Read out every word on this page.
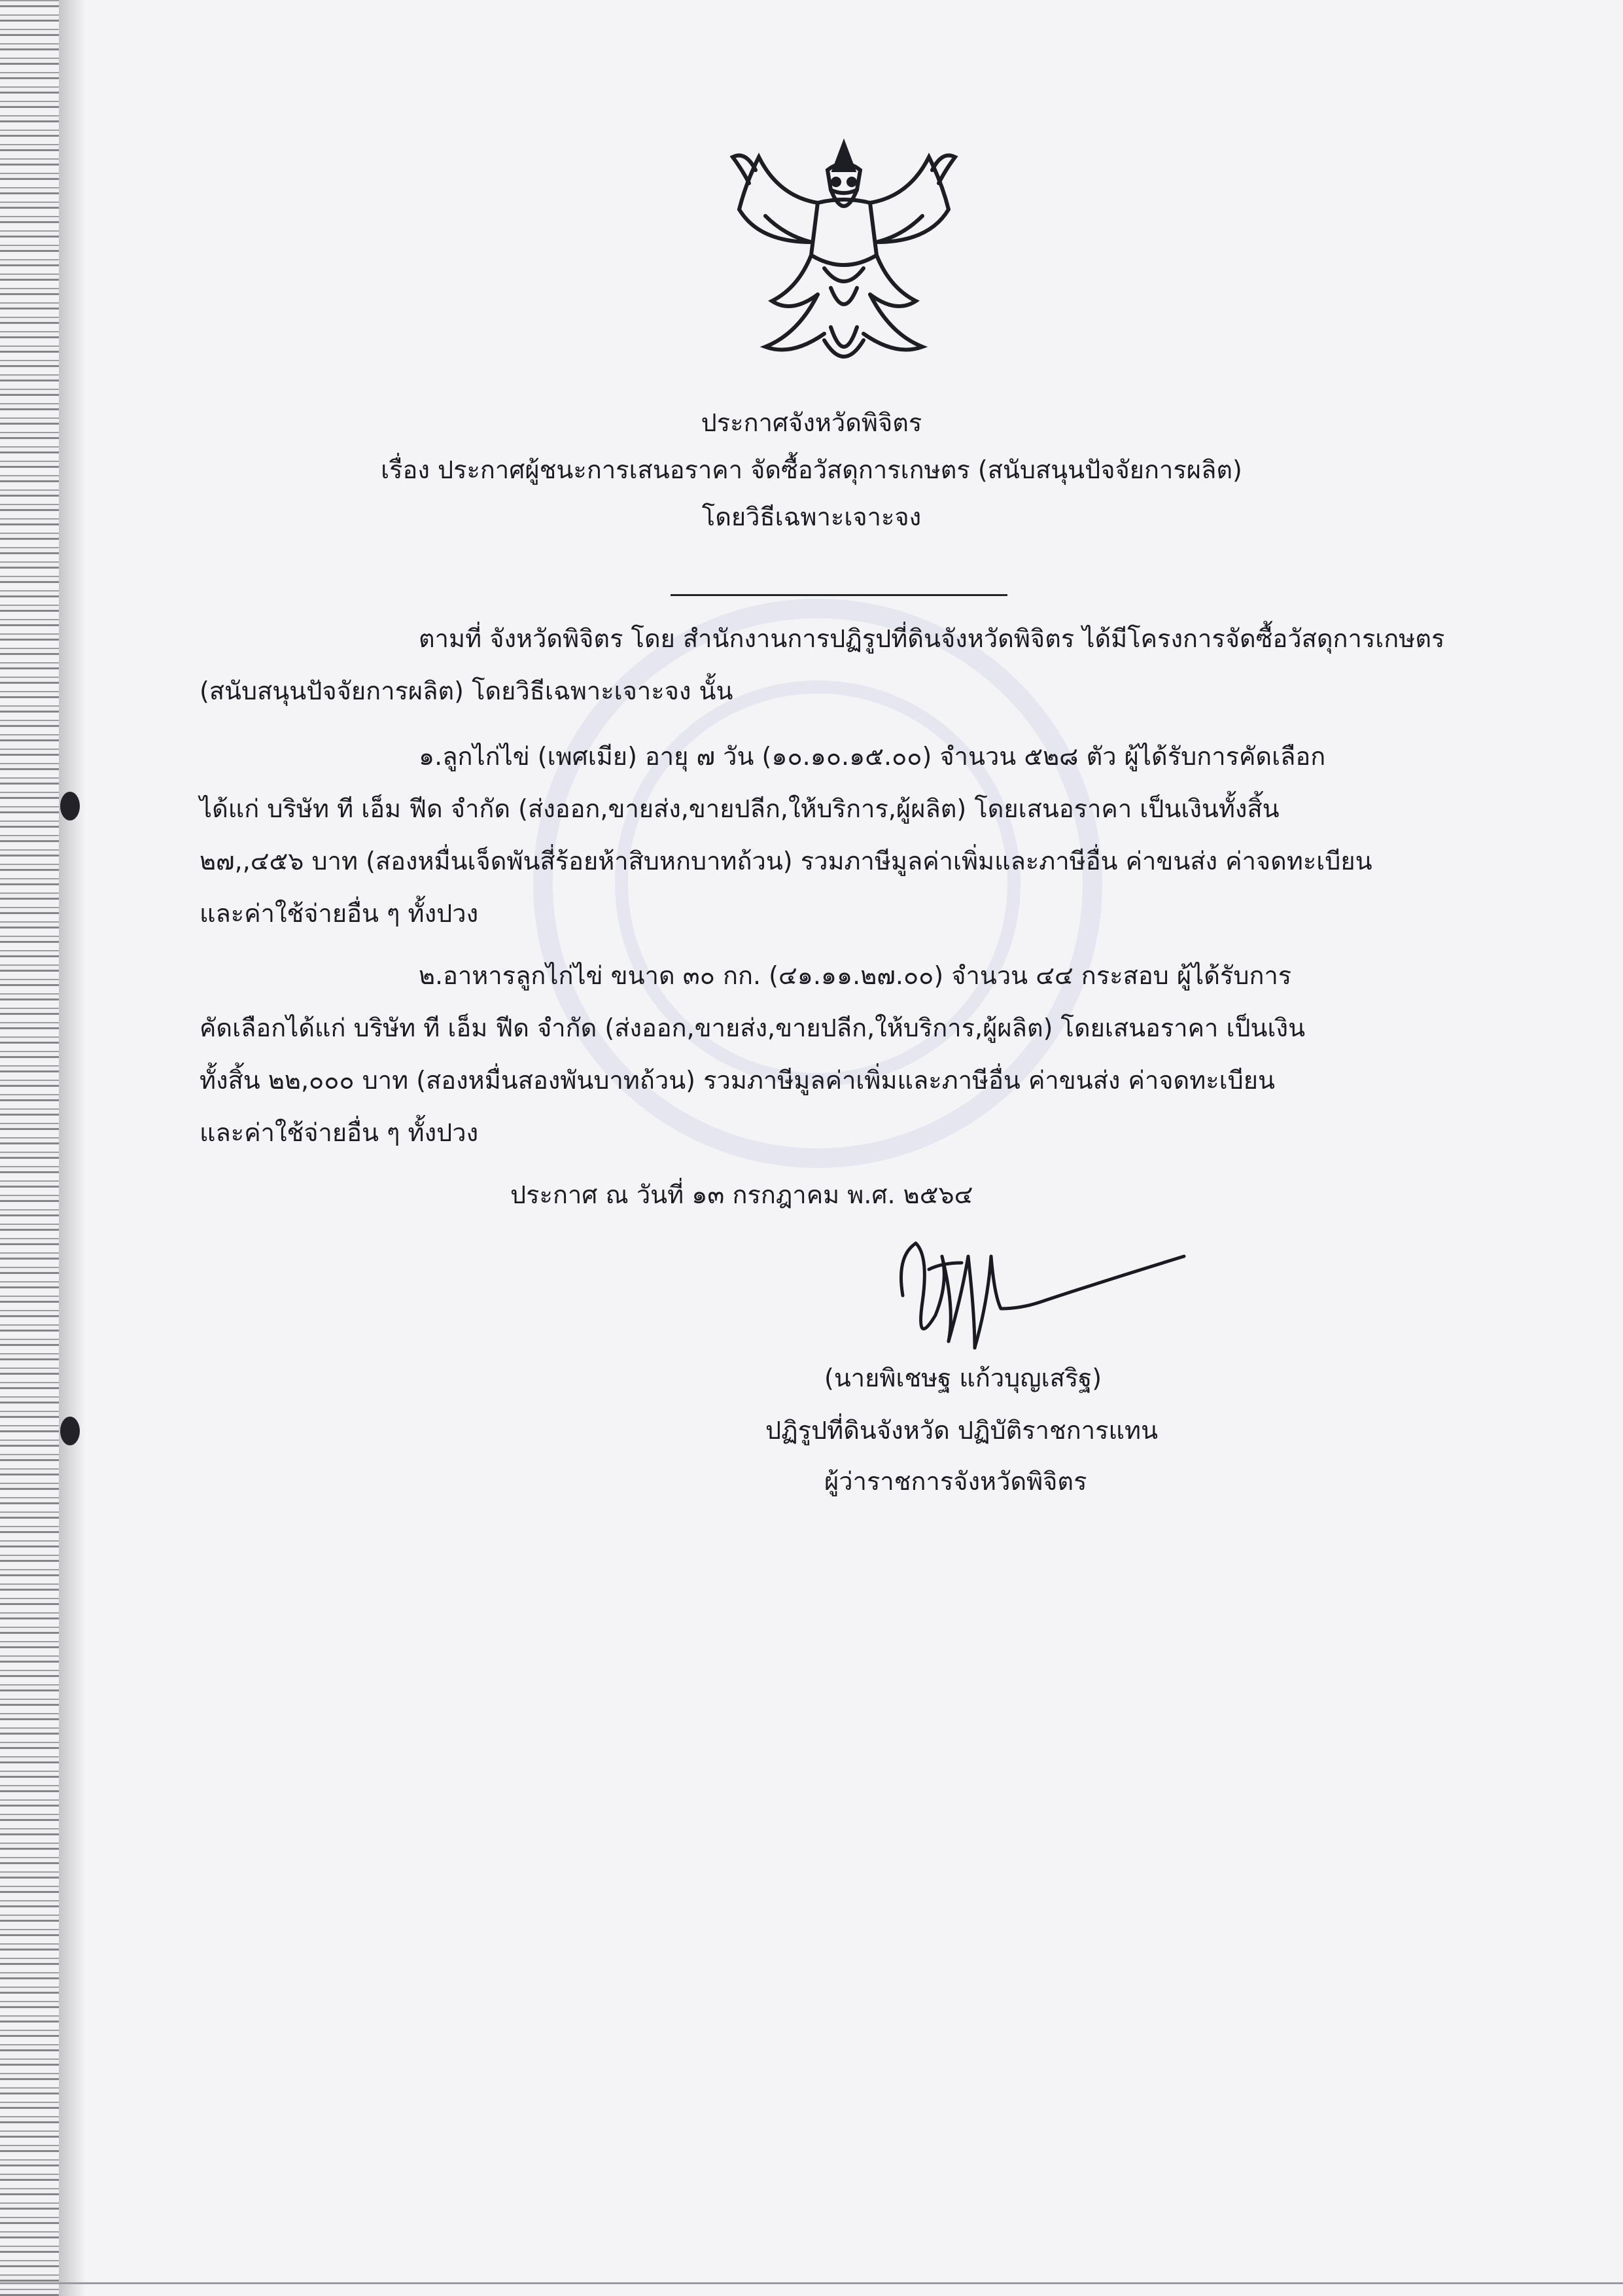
ประกาศจังหวัดพิจิตร
เรื่อง ประกาศผู้ชนะการเสนอราคา จัดซื้อวัสดุการเกษตร (สนับสนุนปัจจัยการผลิต)
โดยวิธีเฉพาะเจาะจง
ตามที่ จังหวัดพิจิตร โดย สำนักงานการปฏิรูปที่ดินจังหวัดพิจิตร ได้มีโครงการจัดซื้อวัสดุการเกษตร
(สนับสนุนปัจจัยการผลิต) โดยวิธีเฉพาะเจาะจง นั้น
๑.ลูกไก่ไข่ (เพศเมีย) อายุ ๗ วัน (๑๐.๑๐.๑๕.๐๐) จำนวน ๕๒๘ ตัว ผู้ได้รับการคัดเลือก
ได้แก่ บริษัท ที เอ็ม ฟีด จำกัด (ส่งออก,ขายส่ง,ขายปลีก,ให้บริการ,ผู้ผลิต) โดยเสนอราคา เป็นเงินทั้งสิ้น
๒๗,,๔๕๖ บาท (สองหมื่นเจ็ดพันสี่ร้อยห้าสิบหกบาทถ้วน) รวมภาษีมูลค่าเพิ่มและภาษีอื่น ค่าขนส่ง ค่าจดทะเบียน
และค่าใช้จ่ายอื่น ๆ ทั้งปวง
๒.อาหารลูกไก่ไข่ ขนาด ๓๐ กก. (๔๑.๑๑.๒๗.๐๐) จำนวน ๔๔ กระสอบ ผู้ได้รับการ
คัดเลือกได้แก่ บริษัท ที เอ็ม ฟีด จำกัด (ส่งออก,ขายส่ง,ขายปลีก,ให้บริการ,ผู้ผลิต) โดยเสนอราคา เป็นเงิน
ทั้งสิ้น ๒๒,๐๐๐ บาท (สองหมื่นสองพันบาทถ้วน) รวมภาษีมูลค่าเพิ่มและภาษีอื่น ค่าขนส่ง ค่าจดทะเบียน
และค่าใช้จ่ายอื่น ๆ ทั้งปวง
ประกาศ ณ วันที่ ๑๓ กรกฎาคม พ.ศ. ๒๕๖๔
(นายพิเชษฐ แก้วบุญเสริฐ)
ปฏิรูปที่ดินจังหวัด ปฏิบัติราชการแทน
ผู้ว่าราชการจังหวัดพิจิตร
